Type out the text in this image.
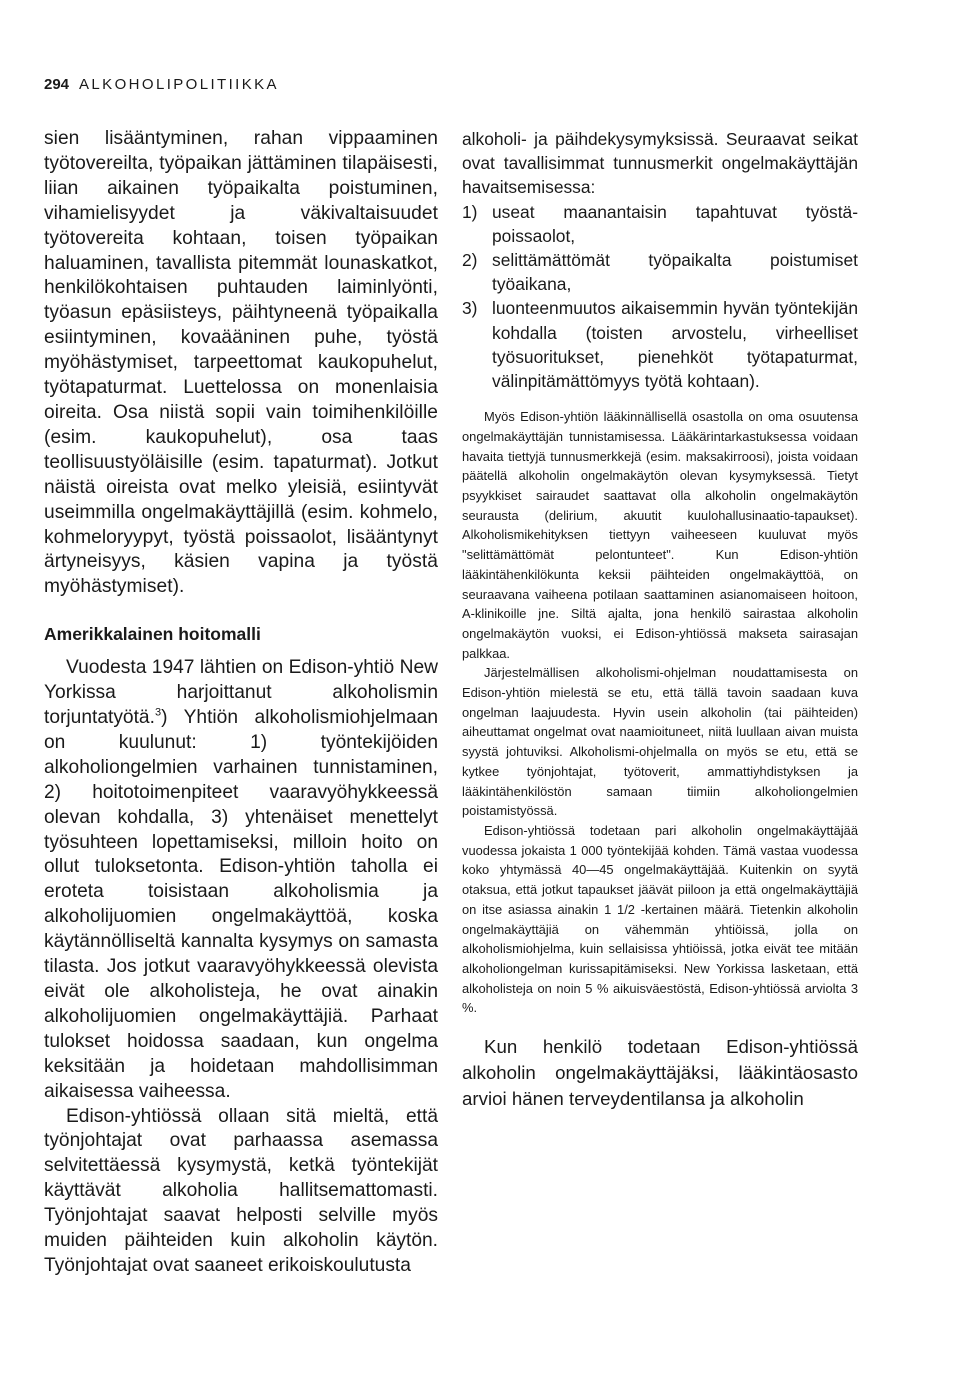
294 ALKOHOLIPOLITIIKKA

sien lisääntyminen, rahan vippaaminen työtovereilta, työpaikan jättäminen tilapäisesti, liian aikainen työpaikalta poistuminen, vihamielisyydet ja väkivaltaisuudet työtovereita kohtaan, toisen työpaikan haluaminen, tavallista pitemmät lounaskatkot, henkilökohtaisen puhtauden laiminlyönti, työasun epäsiisteys, päihtyneenä työpaikalla esiintyminen, kovaääninen puhe, työstä myöhästymiset, tarpeettomat kaukopuhelut, työtapaturmat. Luettelossa on monenlaisia oireita. Osa niistä sopii vain toimihenkilöille (esim. kaukopuhelut), osa taas teollisuustyöläisille (esim. tapaturmat). Jotkut näistä oireista ovat melko yleisiä, esiintyvät useimmilla ongelmakäyttäjillä (esim. kohmelo, kohmeloryypyt, työstä poissaolot, lisääntynyt ärtyneisyys, käsien vapina ja työstä myöhästymiset).

Amerikkalainen hoitomalli

Vuodesta 1947 lähtien on Edison-yhtiö New Yorkissa harjoittanut alkoholismin torjuntatyötä.$^3$) Yhtiön alkoholismiohjelmaan on kuulunut: 1) työntekijöiden alkoholiongelmien varhainen tunnistaminen, 2) hoitotoimenpiteet vaaravyöhykkeessä olevan kohdalla, 3) yhtenäiset menettelyt työsuhteen lopettamiseksi, milloin hoito on ollut tuloksetonta. Edison-yhtiön taholla ei eroteta toisistaan alkoholismia ja alkoholijuomien ongelmakäyttöä, koska käytännölliseltä kannalta kysymys on samasta tilasta. Jos jotkut vaaravyöhykkeessä olevista eivät ole alkoholisteja, he ovat ainakin alkoholijuomien ongelmakäyttäjiä. Parhaat tulokset hoidossa saadaan, kun ongelma keksitään ja hoidetaan mahdollisimman aikaisessa vaiheessa.

Edison-yhtiössä ollaan sitä mieltä, että työnjohtajat ovat parhaassa asemassa selvitettäessä kysymystä, ketkä työntekijät käyttävät alkoholia hallitsemattomasti. Työnjohtajat saavat helposti selville myös muiden päihteiden kuin alkoholin käytön. Työnjohtajat ovat saaneet erikoiskoulutusta

alkoholi- ja päihdekysymyksissä. Seuraavat seikat ovat tavallisimmat tunnusmerkit ongelmakäyttäjän havaitsemisessa:

1) useat maanantaisin tapahtuvat työstäpoissaolot,
2) selittämättömät työpaikalta poistumiset työaikana,
3) luonteenmuutos aikaisemmin hyvän työntekijän kohdalla (toisten arvostelu, virheelliset työsuoritukset, pienehköt työtapaturmat, välinpitämättömyys työtä kohtaan).

Myös Edison-yhtiön lääkinnällisellä osastolla on oma osuutensa ongelmakäyttäjän tunnistamisessa. Lääkärintarkastuksessa voidaan havaita tiettyjä tunnusmerkkejä (esim. maksakirroosi), joista voidaan päätellä alkoholin ongelmakäytön olevan kysymyksessä. Tietyt psyykkiset sairaudet saattavat olla alkoholin ongelmakäytön seurausta (delirium, akuutit kuulohallusinaatio-tapaukset). Alkoholismikehityksen tiettyyn vaiheeseen kuuluvat myös "selittämättömät pelontunteet". Kun Edison-yhtiön lääkintähenkilökunta keksii päihteiden ongelmakäyttöä, on seuraavana vaiheena potilaan saattaminen asianomaiseen hoitoon, A-klinikoille jne. Siltä ajalta, jona henkilö sairastaa alkoholin ongelmakäytön vuoksi, ei Edison-yhtiössä makseta sairasajan palkkaa.

Järjestelmällisen alkoholismi-ohjelman noudattamisesta on Edison-yhtiön mielestä se etu, että tällä tavoin saadaan kuva ongelman laajuudesta. Hyvin usein alkoholin (tai päihteiden) aiheuttamat ongelmat ovat naamioituneet, niitä luullaan aivan muista syystä johtuviksi. Alkoholismi-ohjelmalla on myös se etu, että se kytkee työnjohtajat, työtoverit, ammattiyhdistyksen ja lääkintähenkilöstön samaan tiimiin alkoholiongelmien poistamistyössä.

Edison-yhtiössä todetaan pari alkoholin ongelmakäyttäjää vuodessa jokaista 1 000 työntekijää kohden. Tämä vastaa vuodessa koko yhtymässä 40—45 ongelmakäyttäjää. Kuitenkin on syytä otaksua, että jotkut tapaukset jäävät piiloon ja että ongelmakäyttäjiä on itse asiassa ainakin 1 1/2 -kertainen määrä. Tietenkin alkoholin ongelmakäyttäjiä on vähemmän yhtiöissä, jolla on alkoholismiohjelma, kuin sellaisissa yhtiöissä, jotka eivät tee mitään alkoholiongelman kurissapitämiseksi. New Yorkissa lasketaan, että alkoholisteja on noin 5 % aikuisväestöstä, Edison-yhtiössä arviolta 3 %.

Kun henkilö todetaan Edison-yhtiössä alkoholin ongelmakäyttäjäksi, lääkintäosasto arvioi hänen terveydentilansa ja alkoholin
